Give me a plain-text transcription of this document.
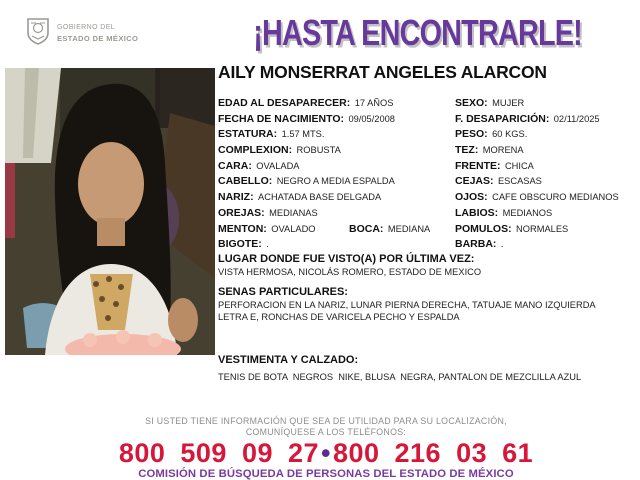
GOBIERNO DEL
ESTADO DE MÉXICO	¡HASTA ENCONTRARLE!
AILY MONSERRAT ANGELES ALARCON
EDAD AL DESAPARECER: 17 AÑOS
FECHA DE NACIMIENTO: 09/05/2008
ESTATURA: 1.57 MTS.
COMPLEXION: ROBUSTA
CARA: OVALADA
CABELLO: NEGRO A MEDIA ESPALDA
NARIZ: ACHATADA BASE DELGADA
OREJAS: MEDIANAS
MENTON: OVALADO	BOCA: MEDIANA
BIGOTE: .
SEXO: MUJER
F. DESAPARICIÓN: 02/11/2025
PESO: 60 KGS.
TEZ: MORENA
FRENTE: CHICA
CEJAS: ESCASAS
OJOS: CAFE OBSCURO MEDIANOS
LABIOS: MEDIANOS
POMULOS: NORMALES
BARBA: .
LUGAR DONDE FUE VISTO(A) POR ÚLTIMA VEZ:

VISTA HERMOSA, NICOLÁS ROMERO, ESTADO DE MEXICO

SENAS PARTICULARES:

PERFORACION EN LA NARIZ, LUNAR PIERNA DERECHA, TATUAJE MANO IZQUIERDA LETRA E, RONCHAS DE VARICELA PECHO Y ESPALDA

VESTIMENTA Y CALZADO:

TENIS DE BOTA  NEGROS  NIKE, BLUSA  NEGRA, PANTALON DE MEZCLILLA AZUL

SI USTED TIENE INFORMACIÓN QUE SEA DE UTILIDAD PARA SU LOCALIZACIÓN,
COMUNÍQUESE A LOS TELÉFONOS:
800 509 09 27•800 216 03 61
COMISIÓN DE BÚSQUEDA DE PERSONAS DEL ESTADO DE MÉXICO
